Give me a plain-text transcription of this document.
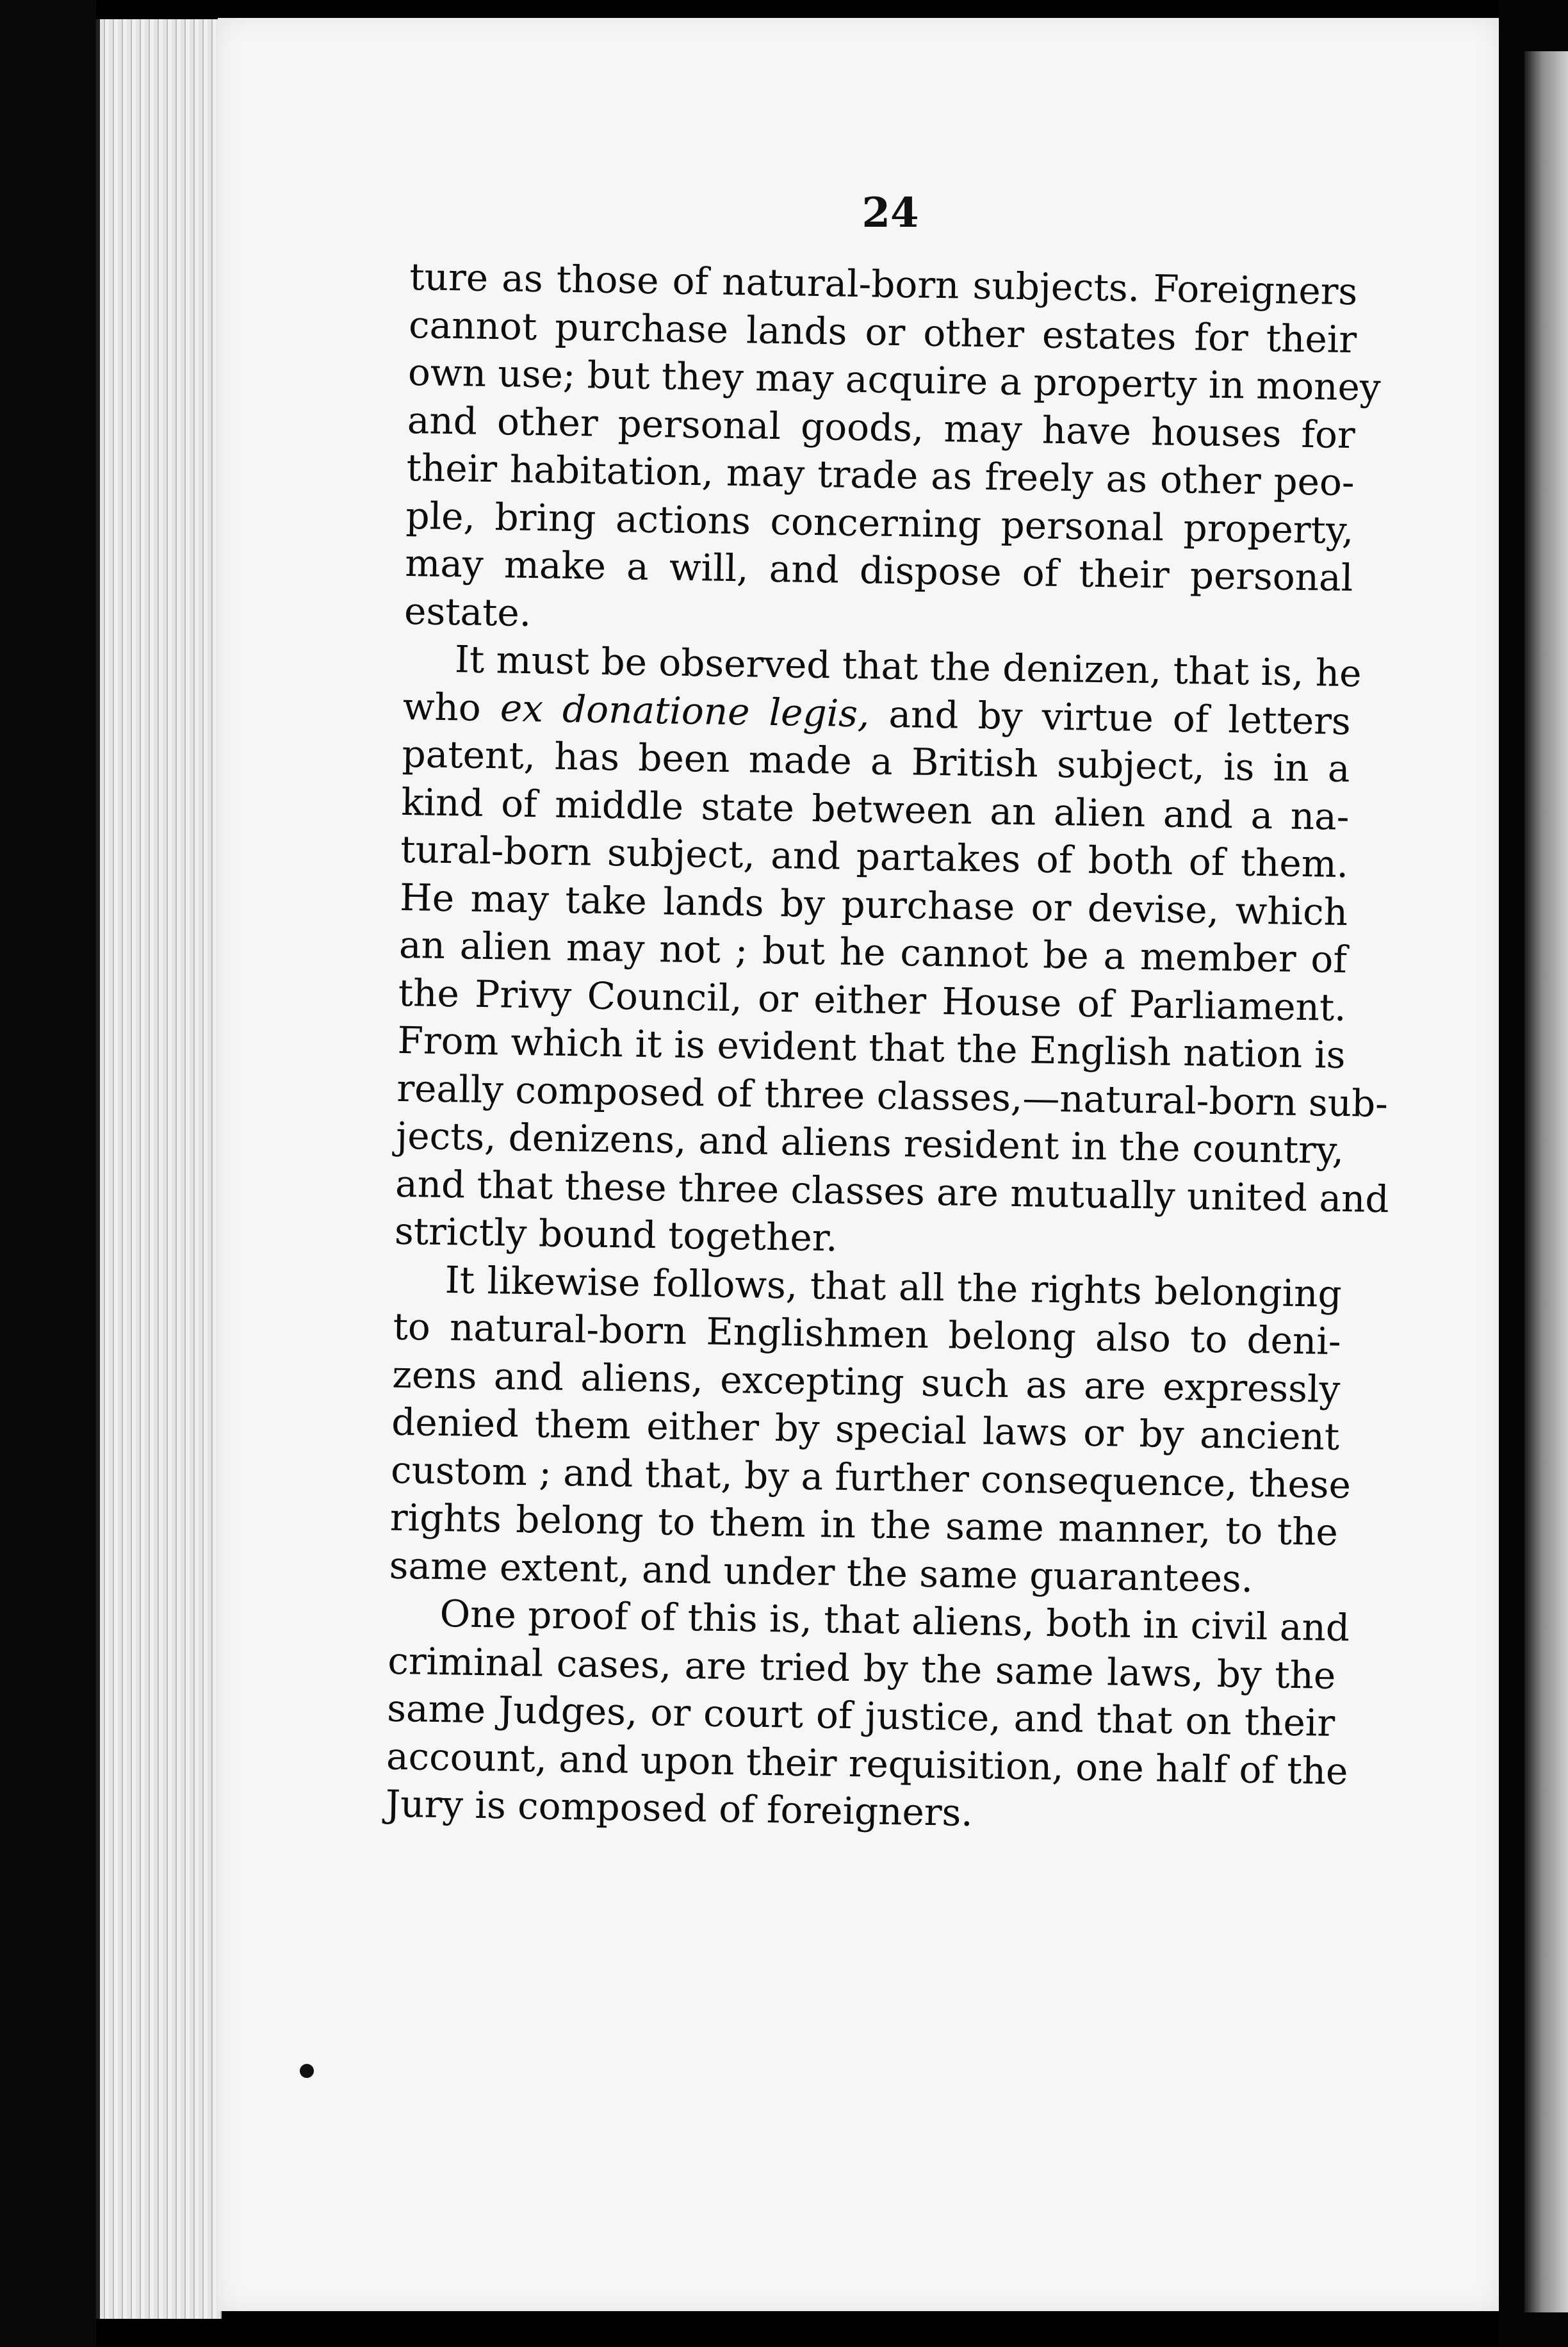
24

ture as those of natural-born subjects. Foreigners
cannot purchase lands or other estates for their
own use; but they may acquire a property in money
and other personal goods, may have houses for
their habitation, may trade as freely as other peo-
ple, bring actions concerning personal property,
may make a will, and dispose of their personal
estate.

It must be observed that the denizen, that is, he
who ex donatione legis, and by virtue of letters
patent, has been made a British subject, is in a
kind of middle state between an alien and a na-
tural-born subject, and partakes of both of them.
He may take lands by purchase or devise, which
an alien may not ; but he cannot be a member of
the Privy Council, or either House of Parliament.
From which it is evident that the English nation is
really composed of three classes,—natural-born sub-
jects, denizens, and aliens resident in the country,
and that these three classes are mutually united and
strictly bound together.

It likewise follows, that all the rights belonging
to natural-born Englishmen belong also to deni-
zens and aliens, excepting such as are expressly
denied them either by special laws or by ancient
custom ; and that, by a further consequence, these
rights belong to them in the same manner, to the
same extent, and under the same guarantees.

One proof of this is, that aliens, both in civil and
criminal cases, are tried by the same laws, by the
same Judges, or court of justice, and that on their
account, and upon their requisition, one half of the
Jury is composed of foreigners.
